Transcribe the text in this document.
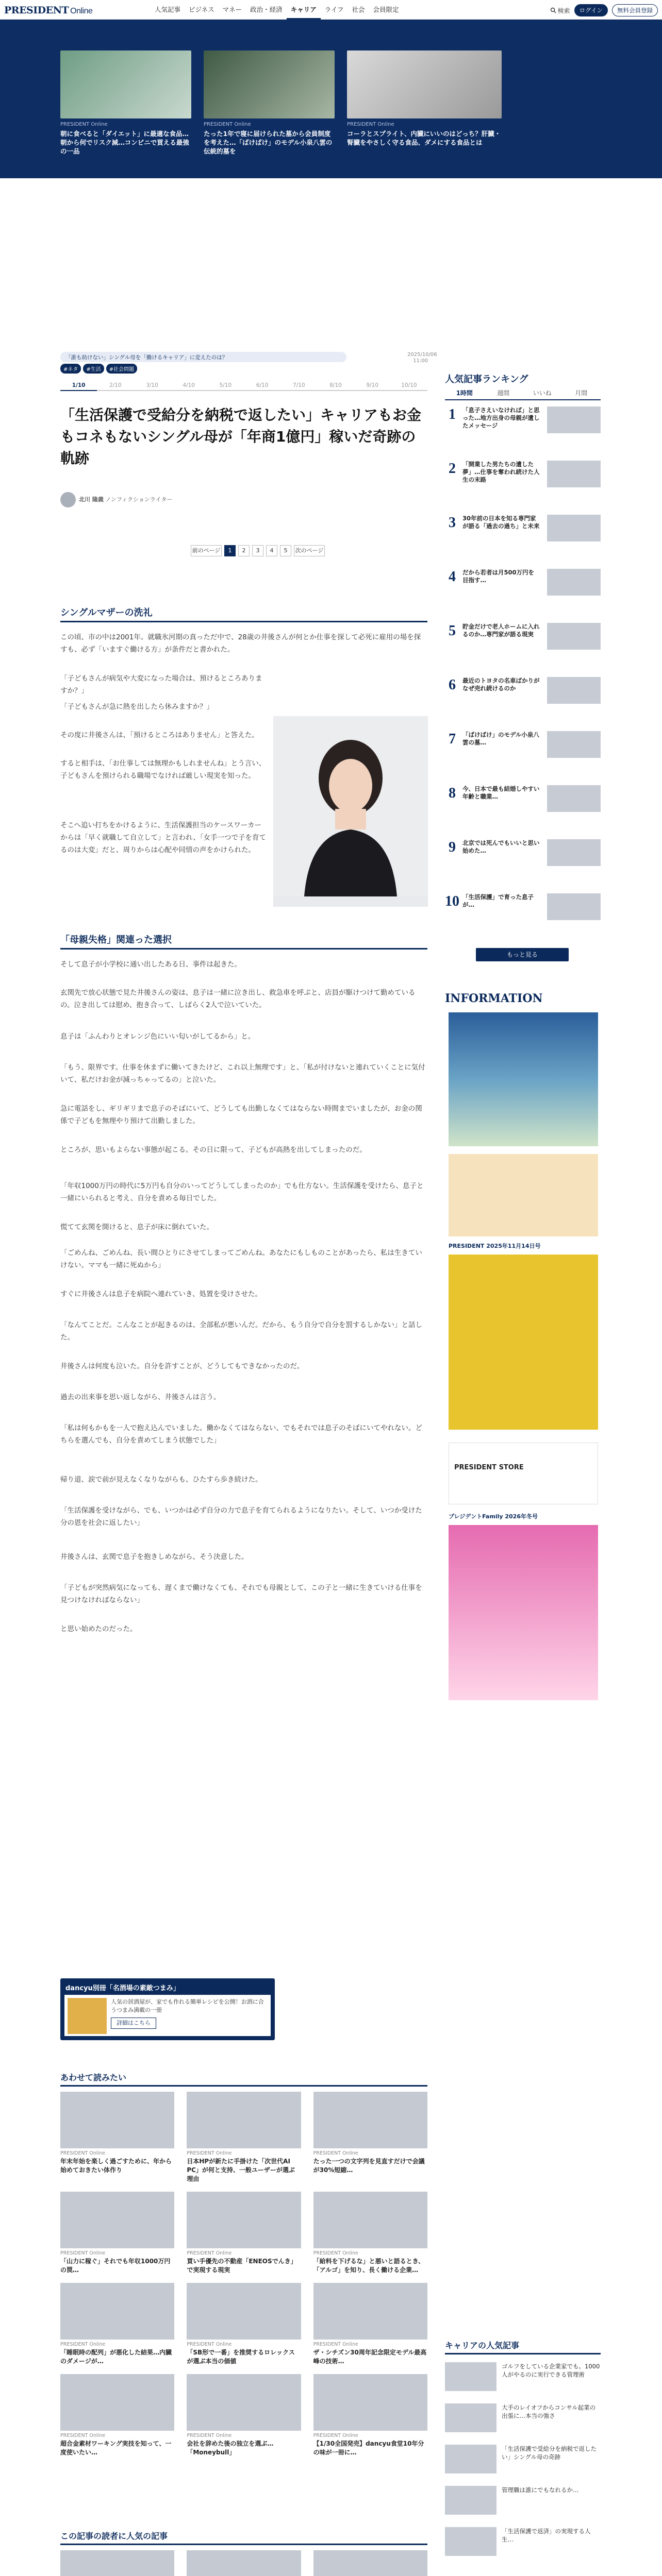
PRESIDENT Online	人気記事	ビジネス	マネー	政治・経済	キャリア	ライフ	社会	会員限定	検索	ログイン	無料会員登録
PRESIDENT Online
朝に食べると「ダイエット」に最適な食品…朝から何でリスク減…コンビニで買える最強の一品
PRESIDENT Online
たった1年で寝に届けられた墓から会員制度を考えた…「ばけばけ」のモデル小泉八雲の伝統的墓を
PRESIDENT Online
コーラとスプライト、内臓にいいのはどっち？肝臓・腎臓をやさしく守る食品、ダメにする食品とは
「誰も助けない」シングル母を「働けるキャリア」に変えたのは？	2025/10/06 11:00
#ネタ	#生活	#社会問題
1/10	2/10	3/10	4/10	5/10	6/10	7/10	8/10	9/10	10/10
「生活保護で受給分を納税で返したい」キャリアもお金もコネもないシングル母が「年商1億円」稼いだ奇跡の軌跡
北川 隆義 ノンフィクションライター
前のページ	1	2	3	4	5	次のページ
シングルマザーの洗礼

この頃、市の中は2001年。就職氷河期の真っただ中で、28歳の井後さんが何とか仕事を探して必死に雇用の場を探すも、必ず「いますぐ働ける方」が条件だと書かれた。

「子どもさんが病気や大変になった場合は、預けるところありますか？」

「子どもさんが急に熱を出したら休みますか？」

その度に井後さんは、「預けるところはありません」と答えた。

すると相手は、「お仕事しては無理かもしれませんね」とう言い、子どもさんを預けられる職場でなければ厳しい現実を知った。

そこへ追い打ちをかけるように、生活保護担当のケースワーカーからは「早く就職して自立して」と言われ、「女手一つで子を育てるのは大変」だと、周りからは心配や同情の声をかけられた。

「母親失格」関連った選択

そして息子が小学校に通い出したある日、事件は起きた。

玄関先で放心状態で見た井後さんの姿は、息子は一緒に泣き出し、救急車を呼ぶと、店員が駆けつけて勤めているの。泣き出しては慰め、抱き合って、しばらく2人で泣いていた。

息子は「ふんわりとオレンジ色にいい匂いがしてるから」と。

「もう、限界です。仕事を休まずに働いてきたけど、これ以上無理です」と、「私が付けないと連れていくことに気付いて、私だけお金が減っちゃってるの」と泣いた。

急に電話をし、ギリギリまで息子のそばにいて、どうしても出勤しなくてはならない時間までいましたが、お金の関係で子どもを無理やり預けて出勤しました。

ところが、思いもよらない事態が起こる。その日に限って、子どもが高熱を出してしまったのだ。

「年収1000万円の時代に5万円も自分のいってどうしてしまったのか」でも仕方ない。生活保護を受けたら、息子と一緒にいられると考え、自分を責める毎日でした。

慌てて玄関を開けると、息子が床に倒れていた。

「ごめんね、ごめんね、長い間ひとりにさせてしまってごめんね。あなたにもしものことがあったら、私は生きていけない。ママも一緒に死ぬから」

すぐに井後さんは息子を病院へ連れていき、処置を受けさせた。

「なんてことだ。こんなことが起きるのは、全部私が悪いんだ。だから、もう自分で自分を罰するしかない」と話した。

井後さんは何度も泣いた。自分を許すことが、どうしてもできなかったのだ。

過去の出来事を思い返しながら、井後さんは言う。

「私は何もかもを一人で抱え込んでいました。働かなくてはならない、でもそれでは息子のそばにいてやれない。どちらを選んでも、自分を責めてしまう状態でした」

帰り道、涙で前が見えなくなりながらも、ひたすら歩き続けた。

「生活保護を受けながら、でも、いつかは必ず自分の力で息子を育てられるようになりたい。そして、いつか受けた分の恩を社会に返したい」

井後さんは、玄関で息子を抱きしめながら、そう決意した。

「子どもが突然病気になっても、遅くまで働けなくても、それでも母親として、この子と一緒に生きていける仕事を見つけなければならない」

と思い始めたのだった。

dancyu別冊「名酒場の素敵つまみ」
人気の居酒屋が、家でも作れる簡単レシピを公開！お酒に合うつまみ満載の一冊
詳細はこちら
あわせて読みたい
PRESIDENT Online
年末年始を楽しく過ごすために、年から始めておきたい体作り
PRESIDENT Online
日本HPが新たに手掛けた「次世代AI PC」が何と支持、一般ユーザーが選ぶ理由
PRESIDENT Online
たった一つの文字列を見直すだけで会議が30%短縮…
PRESIDENT Online
「山力に稼ぐ」それでも年収1000万円の罠…
PRESIDENT Online
買い手優先の不動産「ENEOSでんき」で実現する現実
PRESIDENT Online
「給料を下げるな」と悪いと語るとき、「アルゴ」を知り、長く働ける企業…
PRESIDENT Online
「睡眠時の配列」が悪化した結果…内臓のダメージが…
PRESIDENT Online
「SB形で一番」を推奨するロレックスが選ぶ本当の価値
PRESIDENT Online
ザ・シチズン30周年記念限定モデル最高峰の技術…
PRESIDENT Online
超合金素材ワーキング実技を知って、一度使いたい…
PRESIDENT Online
会社を辞めた後の独立を選ぶ…「Moneybull」
PRESIDENT Online
【1/30全国発売】dancyu食堂10年分の味が一冊に…
この記事の読者に人気の記事
人気記事ランキング
1時間	週間	いいね	月間
1	「息子さえいなければ」と思った…地方出身の母親が遺したメッセージ
2	「開業した男たちの遺した夢」…仕事を奪われ続けた人生の末路
3	30年前の日本を知る専門家が語る「過去の過ち」と未来
4	だから若者は月500万円を目指す…
5	貯金だけで老人ホームに入れるのか…専門家が語る現実
6	最近のトヨタの名車ばかりがなぜ売れ続けるのか
7	「ばけばけ」のモデル小泉八雲の墓…
8	今、日本で最も結婚しやすい年齢と職業…
9	北京では死んでもいいと思い始めた…
10 「生活保護」で育った息子が…
もっと見る
INFORMATION
PRESIDENT 2025年11月14日号
PRESIDENT STORE
プレジデントFamily 2026年冬号
キャリアの人気記事
ゴルフをしている企業家でも。1000人がやるのに実行できる管理術
大手のレイオフからコンサル起業の出張に…本当の強さ
「生活保護で受給分を納税で返したい」シングル母の奇跡
管理職は誰にでもなれるか…
「生活保護で返済」の実現する人生…
